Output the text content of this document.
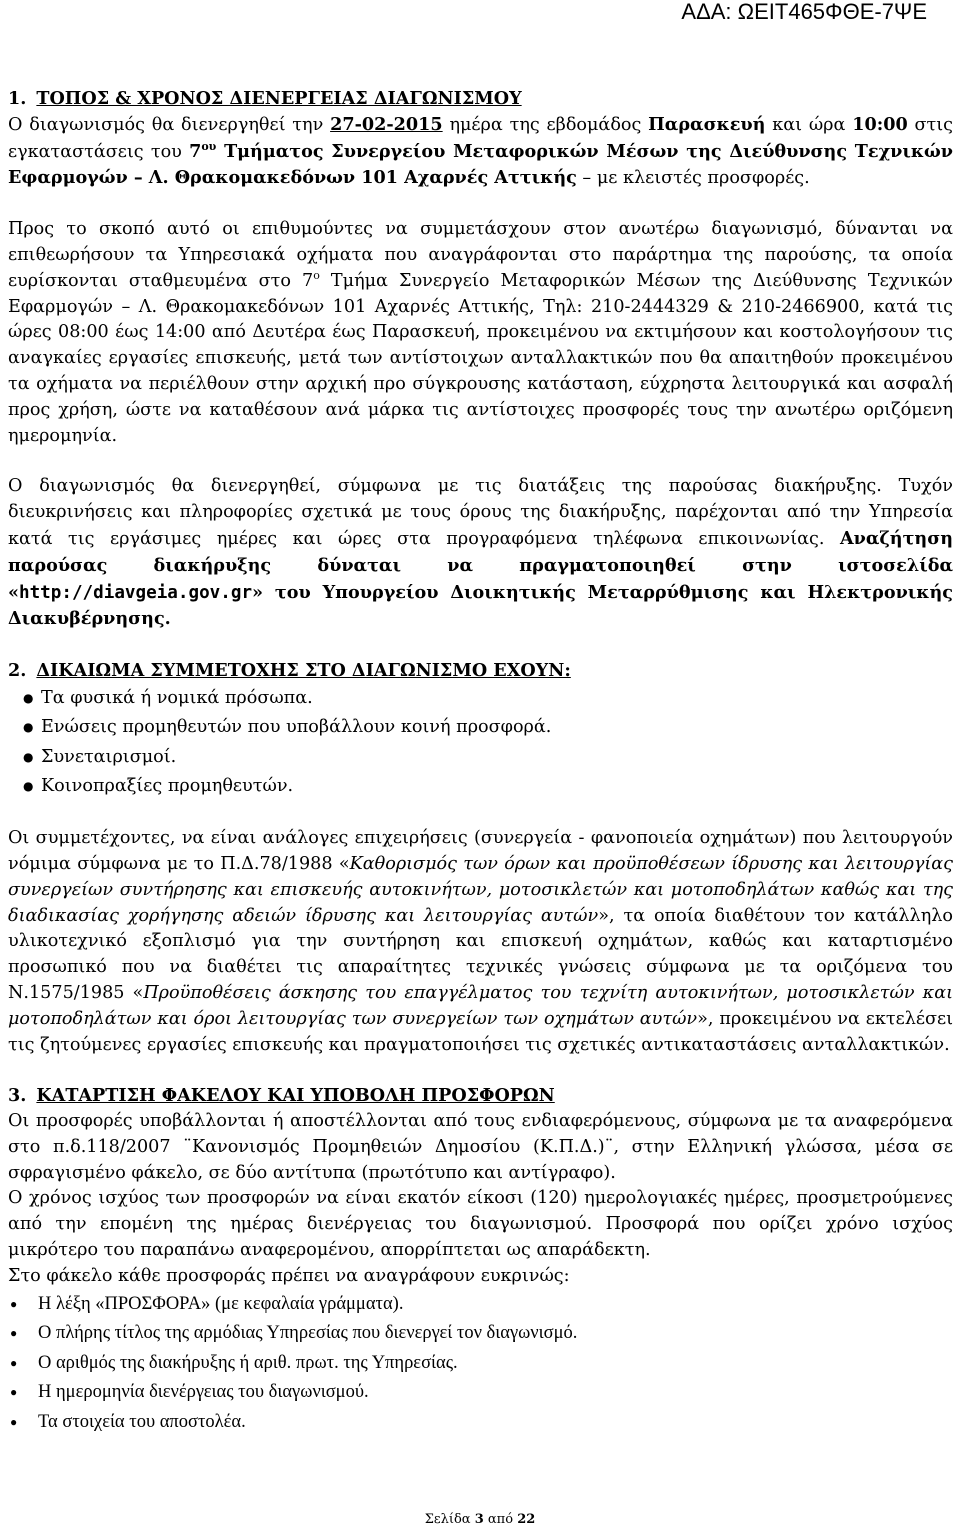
ΑΔΑ: ΩΕΙΤ465ΦΘΕ-7ΨΕ

1. ΤΟΠΟΣ & ΧΡΟΝΟΣ ΔΙΕΝΕΡΓΕΙΑΣ ΔΙΑΓΩΝΙΣΜΟΥ

Ο διαγωνισμός θα διενεργηθεί την 27-02-2015 ημέρα της εβδομάδος Παρασκευή και ώρα 10:00 στις εγκαταστάσεις του $7^{o\upsilon}$ Τμήματος Συνεργείου Μεταφορικών Μέσων της Διεύθυνσης Τεχνικών Εφαρμογών – Λ. Θρακομακεδόνων 101 Αχαρνές Αττικής – με κλειστές προσφορές.

Προς το σκοπό αυτό οι επιθυμούντες να συμμετάσχουν στον ανωτέρω διαγωνισμό, δύνανται να επιθεωρήσουν τα Υπηρεσιακά οχήματα που αναγράφονται στο παράρτημα της παρούσης, τα οποία ευρίσκονται σταθμευμένα στο $7^o$ Τμήμα Συνεργείο Μεταφορικών Μέσων της Διεύθυνσης Τεχνικών Εφαρμογών – Λ. Θρακομακεδόνων 101 Αχαρνές Αττικής, Τηλ: 210-2444329 & 210-2466900, κατά τις ώρες 08:00 έως 14:00 από Δευτέρα έως Παρασκευή, προκειμένου να εκτιμήσουν και κοστολογήσουν τις αναγκαίες εργασίες επισκευής, μετά των αντίστοιχων ανταλλακτικών που θα απαιτηθούν προκειμένου τα οχήματα να περιέλθουν στην αρχική προ σύγκρουσης κατάσταση, εύχρηστα λειτουργικά και ασφαλή προς χρήση, ώστε να καταθέσουν ανά μάρκα τις αντίστοιχες προσφορές τους την ανωτέρω οριζόμενη ημερομηνία.

Ο διαγωνισμός θα διενεργηθεί, σύμφωνα με τις διατάξεις της παρούσας διακήρυξης. Τυχόν διευκρινήσεις και πληροφορίες σχετικά με τους όρους της διακήρυξης, παρέχονται από την Υπηρεσία κατά τις εργάσιμες ημέρες και ώρες στα προγραφόμενα τηλέφωνα επικοινωνίας. Αναζήτηση παρούσας διακήρυξης δύναται να πραγματοποιηθεί στην ιστοσελίδα «http://diavgeia.gov.gr» του Υπουργείου Διοικητικής Μεταρρύθμισης και Ηλεκτρονικής Διακυβέρνησης.

2. ΔΙΚΑΙΩΜΑ ΣΥΜΜΕΤΟΧΗΣ ΣΤΟ ΔΙΑΓΩΝΙΣΜΟ ΕΧΟΥΝ:

● Τα φυσικά ή νομικά πρόσωπα.
● Ενώσεις προμηθευτών που υποβάλλουν κοινή προσφορά.
● Συνεταιρισμοί.
● Κοινοπραξίες προμηθευτών.

Οι συμμετέχοντες, να είναι ανάλογες επιχειρήσεις (συνεργεία - φανοποιεία οχημάτων) που λειτουργούν νόμιμα σύμφωνα με το Π.Δ.78/1988 «Καθορισμός των όρων και προϋποθέσεων ίδρυσης και λειτουργίας συνεργείων συντήρησης και επισκευής αυτοκινήτων, μοτοσικλετών και μοτοποδηλάτων καθώς και της διαδικασίας χορήγησης αδειών ίδρυσης και λειτουργίας αυτών», τα οποία διαθέτουν τον κατάλληλο υλικοτεχνικό εξοπλισμό για την συντήρηση και επισκευή οχημάτων, καθώς και καταρτισμένο προσωπικό που να διαθέτει τις απαραίτητες τεχνικές γνώσεις σύμφωνα με τα οριζόμενα του Ν.1575/1985 «Προϋποθέσεις άσκησης του επαγγέλματος του τεχνίτη αυτοκινήτων, μοτοσικλετών και μοτοποδηλάτων και όροι λειτουργίας των συνεργείων των οχημάτων αυτών», προκειμένου να εκτελέσει τις ζητούμενες εργασίες επισκευής και πραγματοποιήσει τις σχετικές αντικαταστάσεις ανταλλακτικών.

3. ΚΑΤΑΡΤΙΣΗ ΦΑΚΕΛΟΥ ΚΑΙ ΥΠΟΒΟΛΗ ΠΡΟΣΦΟΡΩΝ

Οι προσφορές υποβάλλονται ή αποστέλλονται από τους ενδιαφερόμενους, σύμφωνα με τα αναφερόμενα στο π.δ.118/2007 ¨Κανονισμός Προμηθειών Δημοσίου (Κ.Π.Δ.)¨, στην Ελληνική γλώσσα, μέσα σε σφραγισμένο φάκελο, σε δύο αντίτυπα (πρωτότυπο και αντίγραφο).

Ο χρόνος ισχύος των προσφορών να είναι εκατόν είκοσι (120) ημερολογιακές ημέρες, προσμετρούμενες από την επομένη της ημέρας διενέργειας του διαγωνισμού. Προσφορά που ορίζει χρόνο ισχύος μικρότερο του παραπάνω αναφερομένου, απορρίπτεται ως απαράδεκτη.

Στο φάκελο κάθε προσφοράς πρέπει να αναγράφουν ευκρινώς:

● Η λέξη «ΠΡΟΣΦΟΡΑ» (με κεφαλαία γράμματα).
● Ο πλήρης τίτλος της αρμόδιας Υπηρεσίας που διενεργεί τον διαγωνισμό.
● Ο αριθμός της διακήρυξης ή αριθ. πρωτ. της Υπηρεσίας.
● Η ημερομηνία διενέργειας του διαγωνισμού.
● Τα στοιχεία του αποστολέα.
Σελίδα 3 από 22
